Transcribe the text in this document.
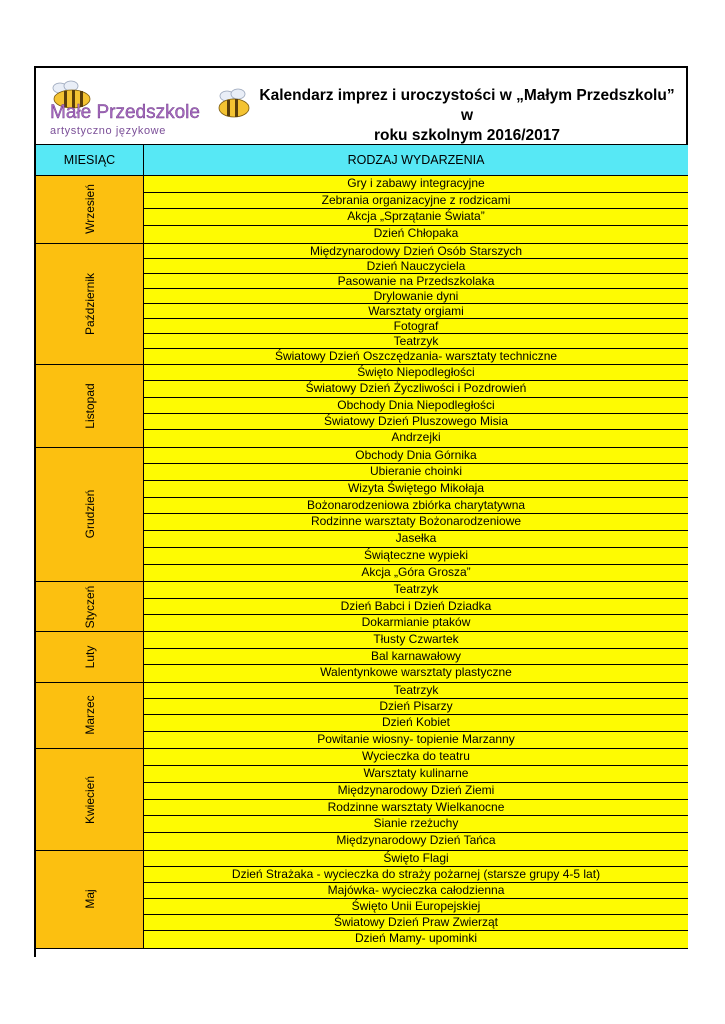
Małe Przedszkole
artystyczno językowe
Kalendarz imprez i uroczystości w „Małym Przedszkolu” w
roku szkolnym 2016/2017
MIESIĄC	RODZAJ WYDARZENIA
Wrzesień
Gry i zabawy integracyjne
Zebrania organizacyjne z rodzicami
Akcja „Sprzątanie Świata”
Dzień Chłopaka
Październik
Międzynarodowy Dzień Osób Starszych
Dzień Nauczyciela
Pasowanie na Przedszkolaka
Drylowanie dyni
Warsztaty orgiami
Fotograf
Teatrzyk
Światowy Dzień Oszczędzania- warsztaty techniczne
Listopad
Święto Niepodległości
Światowy Dzień Życzliwości i Pozdrowień
Obchody Dnia Niepodległości
Światowy Dzień Pluszowego Misia
Andrzejki
Grudzień
Obchody Dnia Górnika
Ubieranie choinki
Wizyta Świętego Mikołaja
Bożonarodzeniowa zbiórka charytatywna
Rodzinne warsztaty Bożonarodzeniowe
Jasełka
Świąteczne wypieki
Akcja „Góra Grosza”
Styczeń	Teatrzyk
Dzień Babci i Dzień Dziadka
Dokarmianie ptaków
Luty
Tłusty Czwartek
Bal karnawałowy
Walentynkowe warsztaty plastyczne
Marzec
Teatrzyk
Dzień Pisarzy
Dzień Kobiet
Powitanie wiosny- topienie Marzanny
Kwiecień
Wycieczka do teatru
Warsztaty kulinarne
Międzynarodowy Dzień Ziemi
Rodzinne warsztaty Wielkanocne
Sianie rzeżuchy
Międzynarodowy Dzień Tańca
Maj
Święto Flagi
Dzień Strażaka - wycieczka do straży pożarnej (starsze grupy 4-5 lat)
Majówka- wycieczka całodzienna
Święto Unii Europejskiej
Światowy Dzień Praw Zwierząt
Dzień Mamy- upominki
